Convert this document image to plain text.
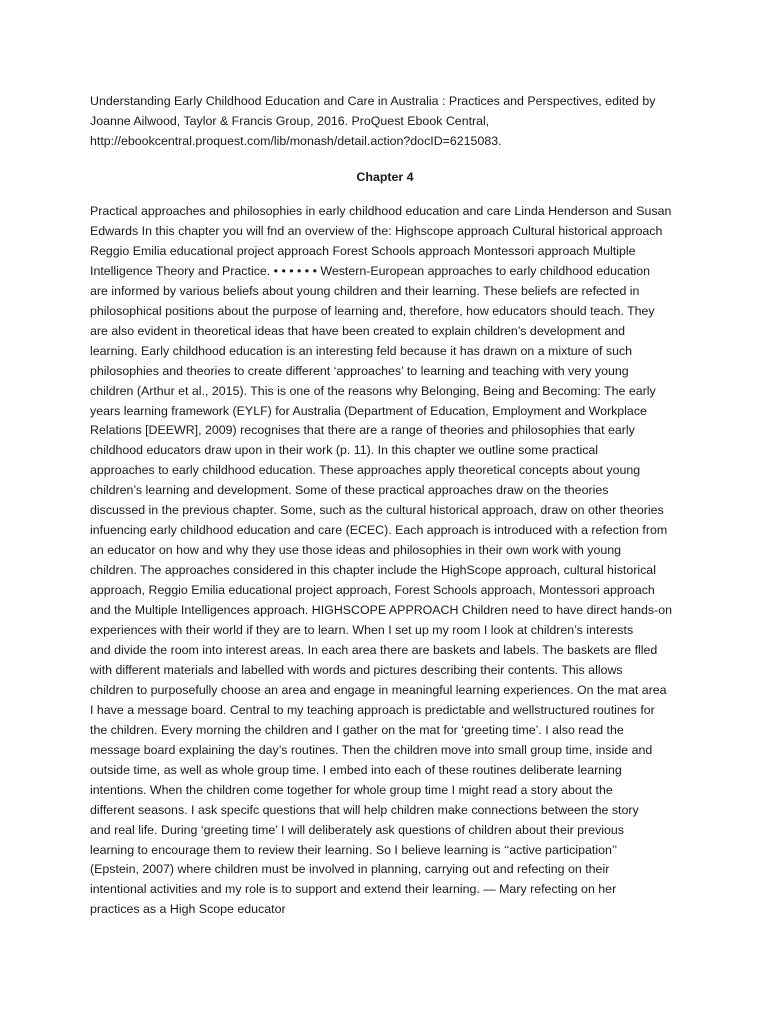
Understanding Early Childhood Education and Care in Australia : Practices and Perspectives, edited by
Joanne Ailwood, Taylor & Francis Group, 2016. ProQuest Ebook Central,
http://ebookcentral.proquest.com/lib/monash/detail.action?docID=6215083.

Chapter 4

Practical approaches and philosophies in early childhood education and care Linda Henderson and Susan
Edwards In this chapter you will fnd an overview of the: Highscope approach Cultural historical approach
Reggio Emilia educational project approach Forest Schools approach Montessori approach Multiple
Intelligence Theory and Practice. • • • • • • Western-European approaches to early childhood education
are informed by various beliefs about young children and their learning. These beliefs are refected in
philosophical positions about the purpose of learning and, therefore, how educators should teach. They
are also evident in theoretical ideas that have been created to explain children’s development and
learning. Early childhood education is an interesting feld because it has drawn on a mixture of such
philosophies and theories to create different ‘approaches’ to learning and teaching with very young
children (Arthur et al., 2015). This is one of the reasons why Belonging, Being and Becoming: The early
years learning framework (EYLF) for Australia (Department of Education, Employment and Workplace
Relations [DEEWR], 2009) recognises that there are a range of theories and philosophies that early
childhood educators draw upon in their work (p. 11). In this chapter we outline some practical
approaches to early childhood education. These approaches apply theoretical concepts about young
children’s learning and development. Some of these practical approaches draw on the theories
discussed in the previous chapter. Some, such as the cultural historical approach, draw on other theories
infuencing early childhood education and care (ECEC). Each approach is introduced with a refection from
an educator on how and why they use those ideas and philosophies in their own work with young
children. The approaches considered in this chapter include the HighScope approach, cultural historical
approach, Reggio Emilia educational project approach, Forest Schools approach, Montessori approach
and the Multiple Intelligences approach. HIGHSCOPE APPROACH Children need to have direct hands-on
experiences with their world if they are to learn. When I set up my room I look at children’s interests
and divide the room into interest areas. In each area there are baskets and labels. The baskets are flled
with different materials and labelled with words and pictures describing their contents. This allows
children to purposefully choose an area and engage in meaningful learning experiences. On the mat area
I have a message board. Central to my teaching approach is predictable and wellstructured routines for
the children. Every morning the children and I gather on the mat for ‘greeting time’. I also read the
message board explaining the day’s routines. Then the children move into small group time, inside and
outside time, as well as whole group time. I embed into each of these routines deliberate learning
intentions. When the children come together for whole group time I might read a story about the
different seasons. I ask specifc questions that will help children make connections between the story
and real life. During ‘greeting time’ I will deliberately ask questions of children about their previous
learning to encourage them to review their learning. So I believe learning is ‘‘active participation’’
(Epstein, 2007) where children must be involved in planning, carrying out and refecting on their
intentional activities and my role is to support and extend their learning. — Mary refecting on her
practices as a High Scope educator
